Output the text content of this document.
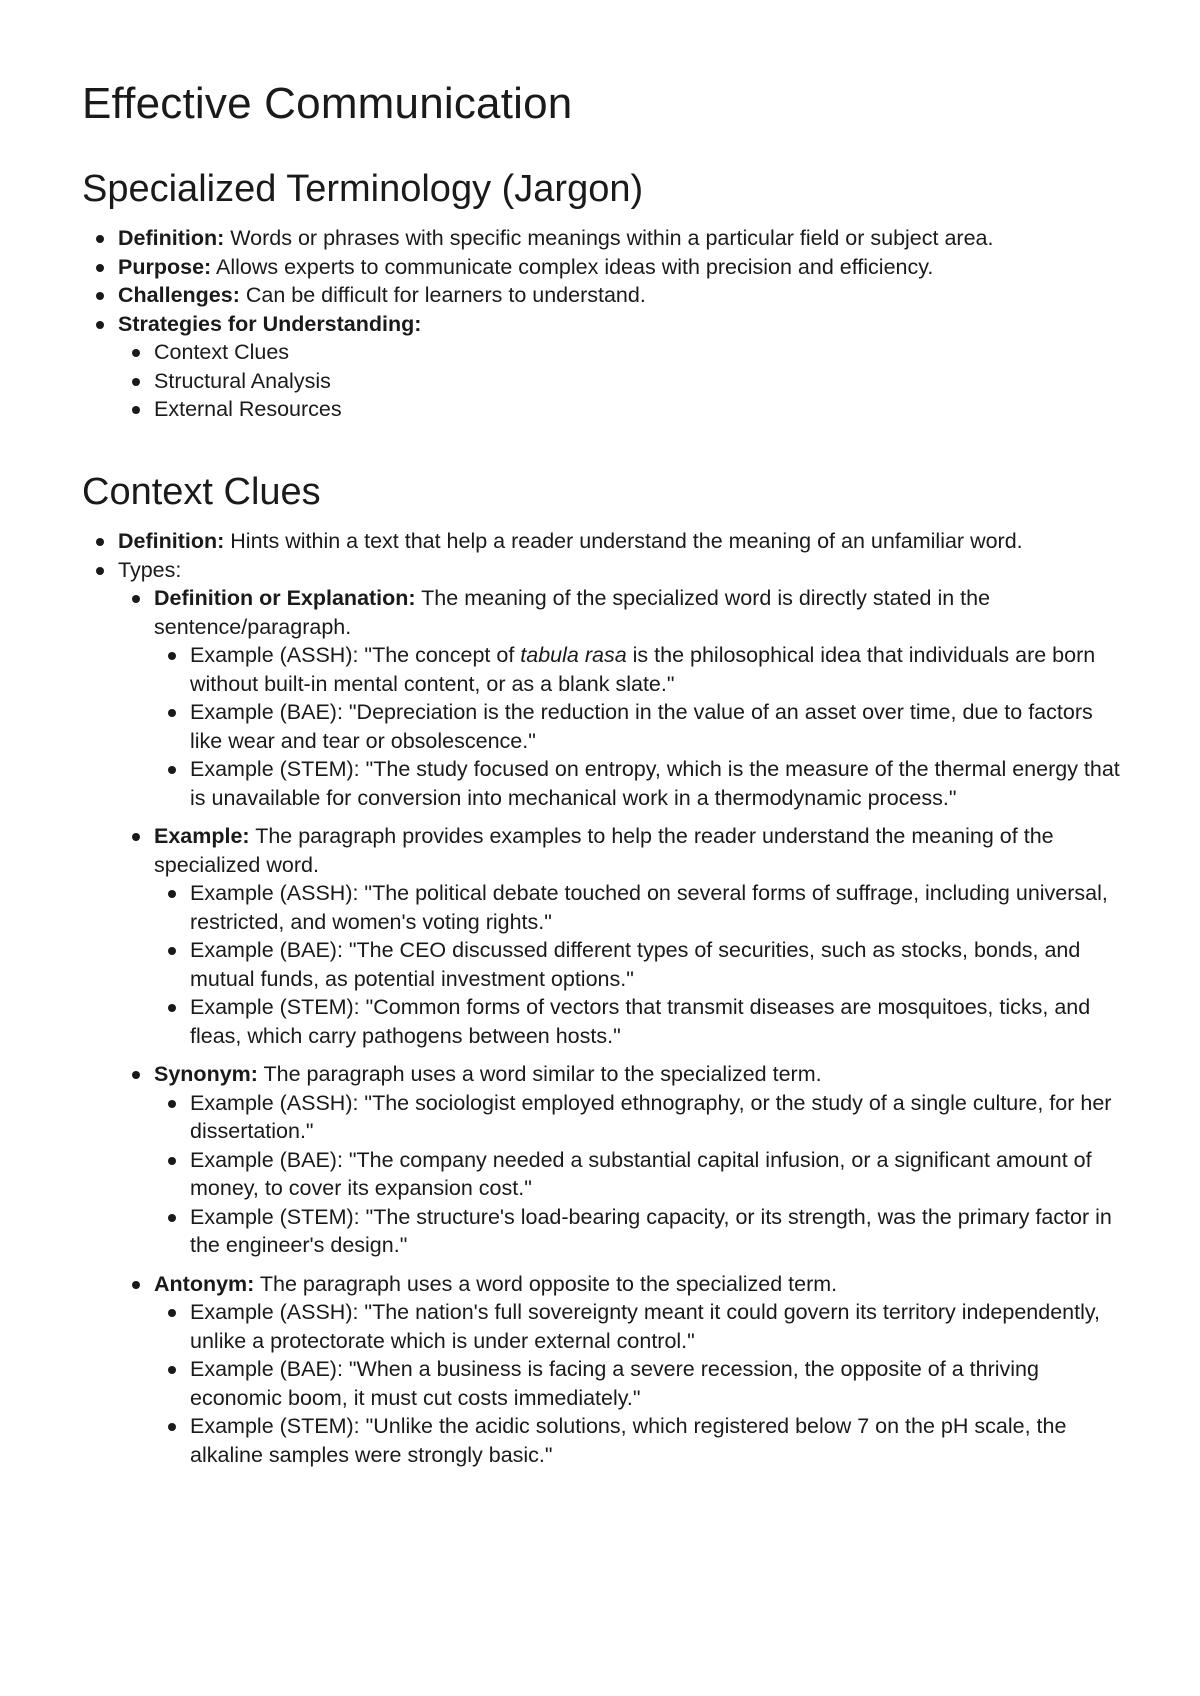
Effective Communication
Specialized Terminology (Jargon)
Definition: Words or phrases with specific meanings within a particular field or subject area.
Purpose: Allows experts to communicate complex ideas with precision and efficiency.
Challenges: Can be difficult for learners to understand.
Strategies for Understanding:
Context Clues
Structural Analysis
External Resources
Context Clues
Definition: Hints within a text that help a reader understand the meaning of an unfamiliar word.
Types:
Definition or Explanation: The meaning of the specialized word is directly stated in the sentence/paragraph.
Example (ASSH): "The concept of tabula rasa is the philosophical idea that individuals are born without built-in mental content, or as a blank slate."
Example (BAE): "Depreciation is the reduction in the value of an asset over time, due to factors like wear and tear or obsolescence."
Example (STEM): "The study focused on entropy, which is the measure of the thermal energy that is unavailable for conversion into mechanical work in a thermodynamic process."
Example: The paragraph provides examples to help the reader understand the meaning of the specialized word.
Example (ASSH): "The political debate touched on several forms of suffrage, including universal, restricted, and women's voting rights."
Example (BAE): "The CEO discussed different types of securities, such as stocks, bonds, and mutual funds, as potential investment options."
Example (STEM): "Common forms of vectors that transmit diseases are mosquitoes, ticks, and fleas, which carry pathogens between hosts."
Synonym: The paragraph uses a word similar to the specialized term.
Example (ASSH): "The sociologist employed ethnography, or the study of a single culture, for her dissertation."
Example (BAE): "The company needed a substantial capital infusion, or a significant amount of money, to cover its expansion cost."
Example (STEM): "The structure's load-bearing capacity, or its strength, was the primary factor in the engineer's design."
Antonym: The paragraph uses a word opposite to the specialized term.
Example (ASSH): "The nation's full sovereignty meant it could govern its territory independently, unlike a protectorate which is under external control."
Example (BAE): "When a business is facing a severe recession, the opposite of a thriving economic boom, it must cut costs immediately."
Example (STEM): "Unlike the acidic solutions, which registered below 7 on the pH scale, the alkaline samples were strongly basic."
